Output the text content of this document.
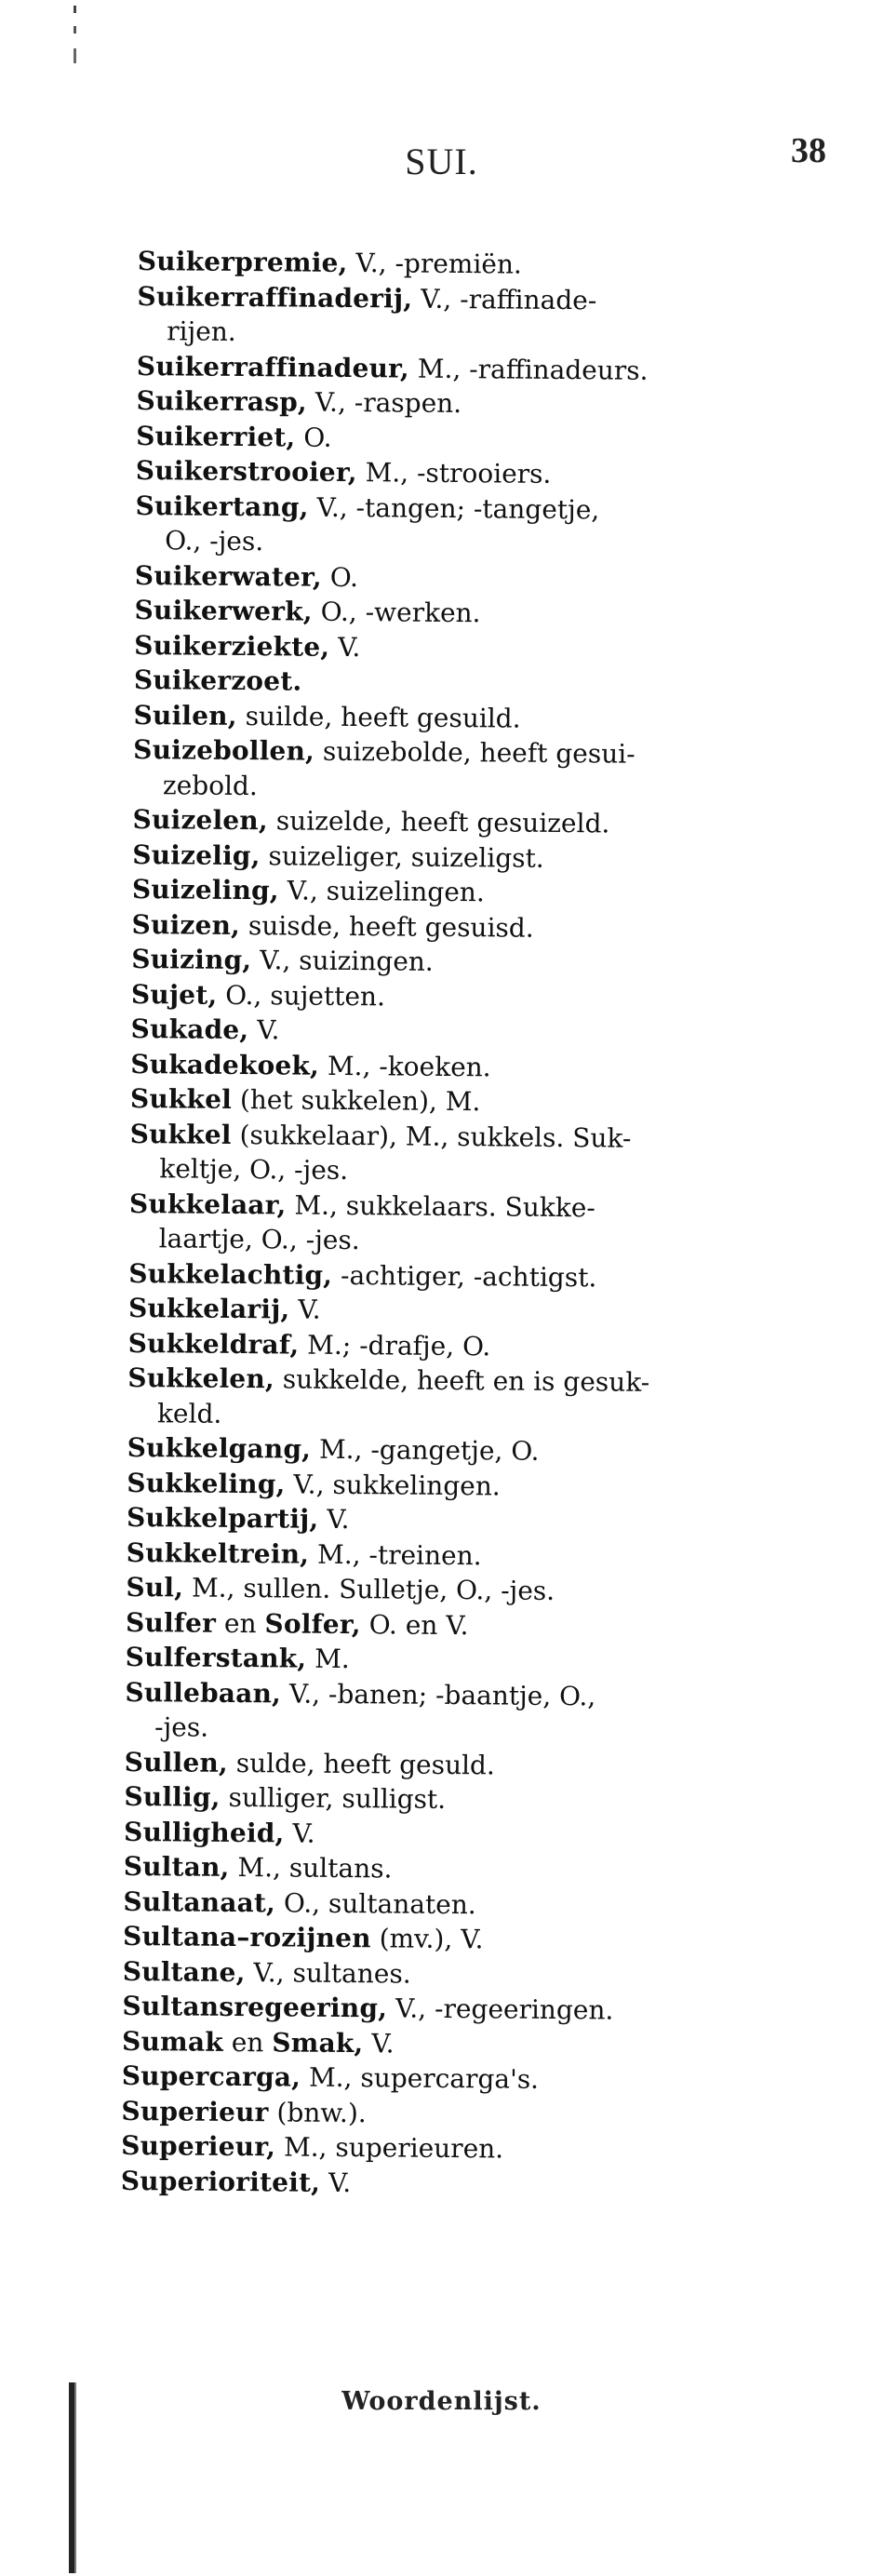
SUI.	38
Suikerpremie, V., -premiën.
Suikerraffinaderij, V., -raffinade-
rijen.
Suikerraffinadeur, M., -raffinadeurs.
Suikerrasp, V., -raspen.
Suikerriet, O.
Suikerstrooier, M., -strooiers.
Suikertang, V., -tangen; -tangetje,
O., -jes.
Suikerwater, O.
Suikerwerk, O., -werken.
Suikerziekte, V.
Suikerzoet.
Suilen, suilde, heeft gesuild.
Suizebollen, suizebolde, heeft gesui-
zebold.
Suizelen, suizelde, heeft gesuizeld.
Suizelig, suizeliger, suizeligst.
Suizeling, V., suizelingen.
Suizen, suisde, heeft gesuisd.
Suizing, V., suizingen.
Sujet, O., sujetten.
Sukade, V.
Sukadekoek, M., -koeken.
Sukkel (het sukkelen), M.
Sukkel (sukkelaar), M., sukkels. Suk-
keltje, O., -jes.
Sukkelaar, M., sukkelaars. Sukke-
laartje, O., -jes.
Sukkelachtig, -achtiger, -achtigst.
Sukkelarij, V.
Sukkeldraf, M.; -drafje, O.
Sukkelen, sukkelde, heeft en is gesuk-
keld.
Sukkelgang, M., -gangetje, O.
Sukkeling, V., sukkelingen.
Sukkelpartij, V.
Sukkeltrein, M., -treinen.
Sul, M., sullen. Sulletje, O., -jes.
Sulfer en Solfer, O. en V.
Sulferstank, M.
Sullebaan, V., -banen; -baantje, O.,
-jes.
Sullen, sulde, heeft gesuld.
Sullig, sulliger, sulligst.
Sulligheid, V.
Sultan, M., sultans.
Sultanaat, O., sultanaten.
Sultana–rozijnen (mv.), V.
Sultane, V., sultanes.
Sultansregeering, V., -regeeringen.
Sumak en Smak, V.
Supercarga, M., supercarga's.
Superieur (bnw.).
Superieur, M., superieuren.
Superioriteit, V.
Woordenlijst.
